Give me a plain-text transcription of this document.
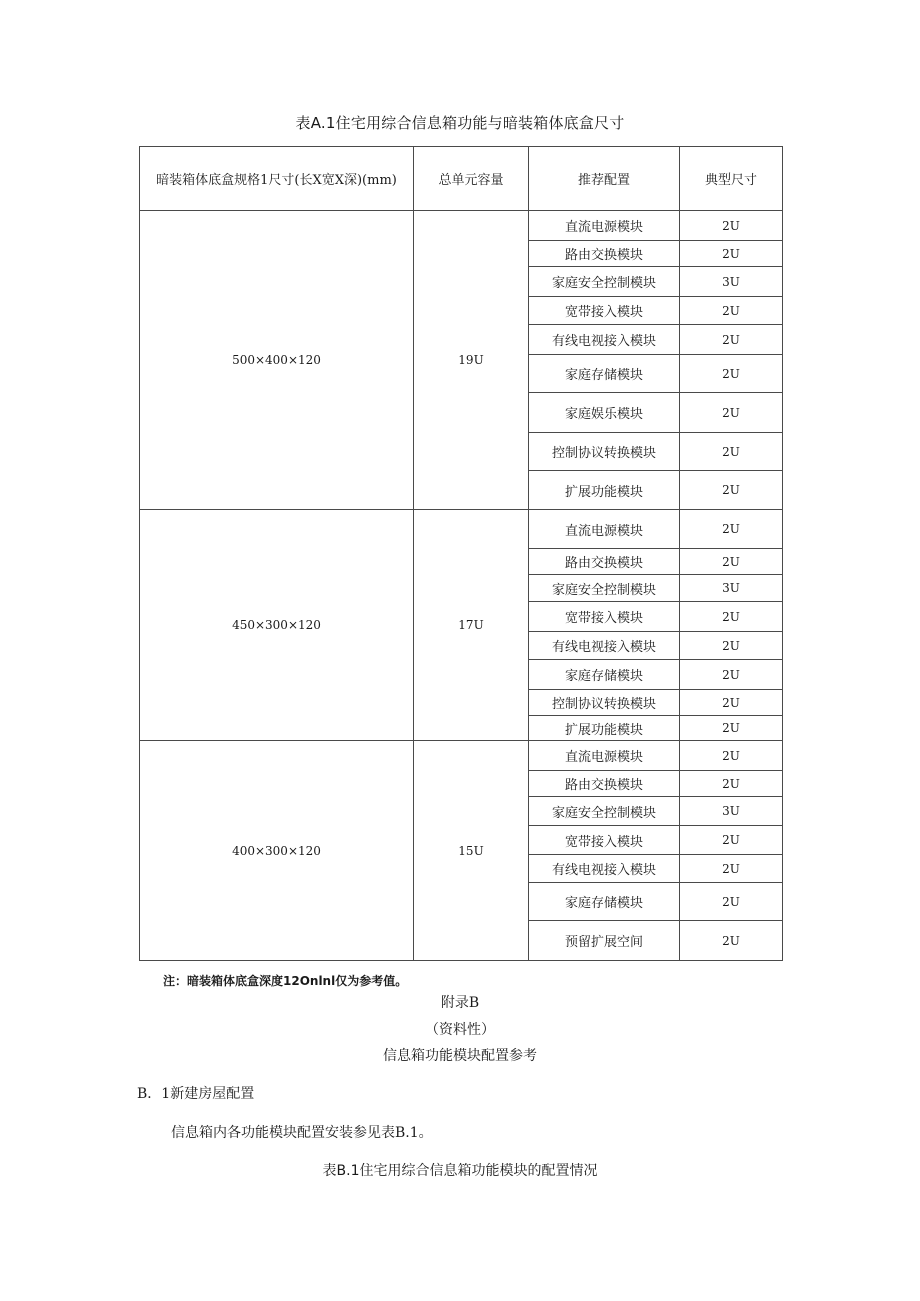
表A.1住宅用综合信息箱功能与暗装箱体底盒尺寸
暗装箱体底盒规格1尺寸(长X宽X深)(mm)	总单元容量	推荐配置	典型尺寸
500×400×120	19U	直流电源模块	2U
		路由交换模块	2U
		家庭安全控制模块	3U
		宽带接入模块	2U
		有线电视接入模块	2U
		家庭存储模块	2U
		家庭娱乐模块	2U
		控制协议转换模块	2U
		扩展功能模块	2U
450×300×120	17U	直流电源模块	2U
		路由交换模块	2U
		家庭安全控制模块	3U
		宽带接入模块	2U
		有线电视接入模块	2U
		家庭存储模块	2U
		控制协议转换模块	2U
		扩展功能模块	2U
400×300×120	15U	直流电源模块	2U
		路由交换模块	2U
		家庭安全控制模块	3U
		宽带接入模块	2U
		有线电视接入模块	2U
		家庭存储模块	2U
		预留扩展空间	2U
注：暗装箱体底盒深度12Onlnl仅为参考值。
附录B
（资料性）
信息箱功能模块配置参考
B．1新建房屋配置
信息箱内各功能模块配置安装参见表B.1。
表B.1住宅用综合信息箱功能模块的配置情况
